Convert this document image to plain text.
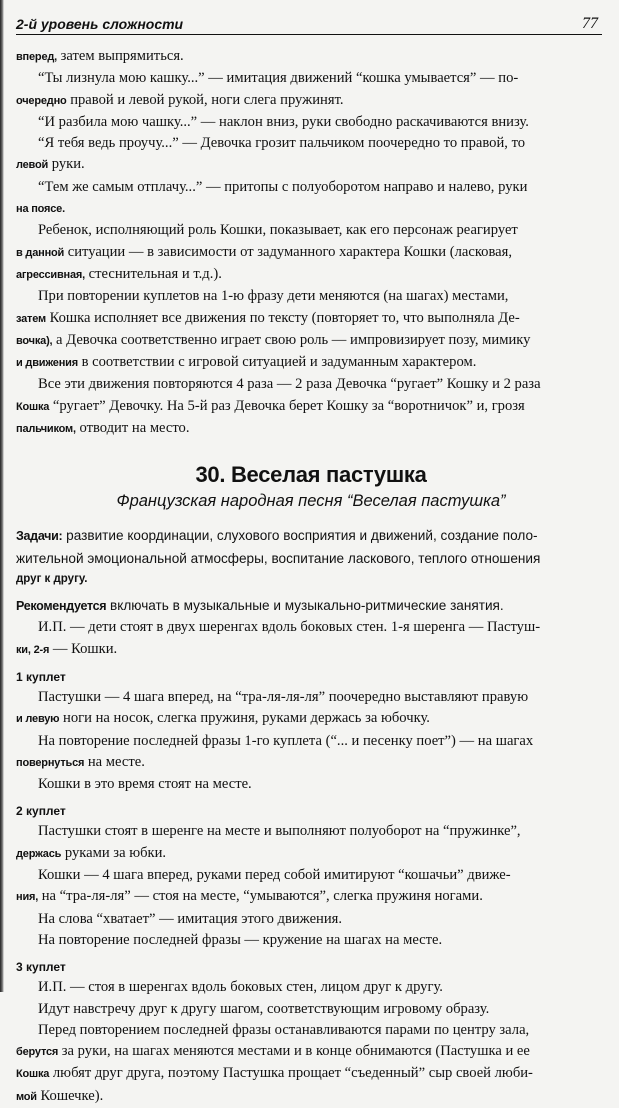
2-й уровень сложности	77

вперед, затем выпрямиться.

“Ты лизнула мою кашку...” — имитация движений “кошка умывается” — по-

очередно правой и левой рукой, ноги слега пружинят.

“И разбила мою чашку...” — наклон вниз, руки свободно раскачиваются внизу.

“Я тебя ведь проучу...” — Девочка грозит пальчиком поочередно то правой, то

левой руки.

“Тем же самым отплачу...” — притопы с полуоборотом направо и налево, руки

на поясе.

Ребенок, исполняющий роль Кошки, показывает, как его персонаж реагирует

в данной ситуации — в зависимости от задуманного характера Кошки (ласковая,

агрессивная, стеснительная и т.д.).

При повторении куплетов на 1-ю фразу дети меняются (на шагах) местами,

затем Кошка исполняет все движения по тексту (повторяет то, что выполняла Де-

вочка), а Девочка соответственно играет свою роль — импровизирует позу, мимику

и движения в соответствии с игровой ситуацией и задуманным характером.

Все эти движения повторяются 4 раза — 2 раза Девочка “ругает” Кошку и 2 раза

Кошка “ругает” Девочку. На 5-й раз Девочка берет Кошку за “воротничок” и, грозя

пальчиком, отводит на место.

30. Веселая пастушка
Французская народная песня “Веселая пастушка”

Задачи: развитие координации, слухового восприятия и движений, создание поло-

жительной эмоциональной атмосферы, воспитание ласкового, теплого отношения

друг к другу.

Рекомендуется включать в музыкальные и музыкально-ритмические занятия.

И.П. — дети стоят в двух шеренгах вдоль боковых стен. 1-я шеренга — Пастуш-

ки, 2-я — Кошки.

1 куплет

Пастушки — 4 шага вперед, на “тра-ля-ля-ля” поочередно выставляют правую

и левую ноги на носок, слегка пружиня, руками держась за юбочку.

На повторение последней фразы 1-го куплета (“... и песенку поет”) — на шагах

повернуться на месте.

Кошки в это время стоят на месте.

2 куплет

Пастушки стоят в шеренге на месте и выполняют полуоборот на “пружинке”,

держась руками за юбки.

Кошки — 4 шага вперед, руками перед собой имитируют “кошачьи” движе-

ния, на “тра-ля-ля” — стоя на месте, “умываются”, слегка пружиня ногами.

На слова “хватает” — имитация этого движения.

На повторение последней фразы — кружение на шагах на месте.

3 куплет

И.П. — стоя в шеренгах вдоль боковых стен, лицом друг к другу.

Идут навстречу друг к другу шагом, соответствующим игровому образу.

Перед повторением последней фразы останавливаются парами по центру зала,

берутся за руки, на шагах меняются местами и в конце обнимаются (Пастушка и ее

Кошка любят друг друга, поэтому Пастушка прощает “съеденный” сыр своей люби-

мой Кошечке).
